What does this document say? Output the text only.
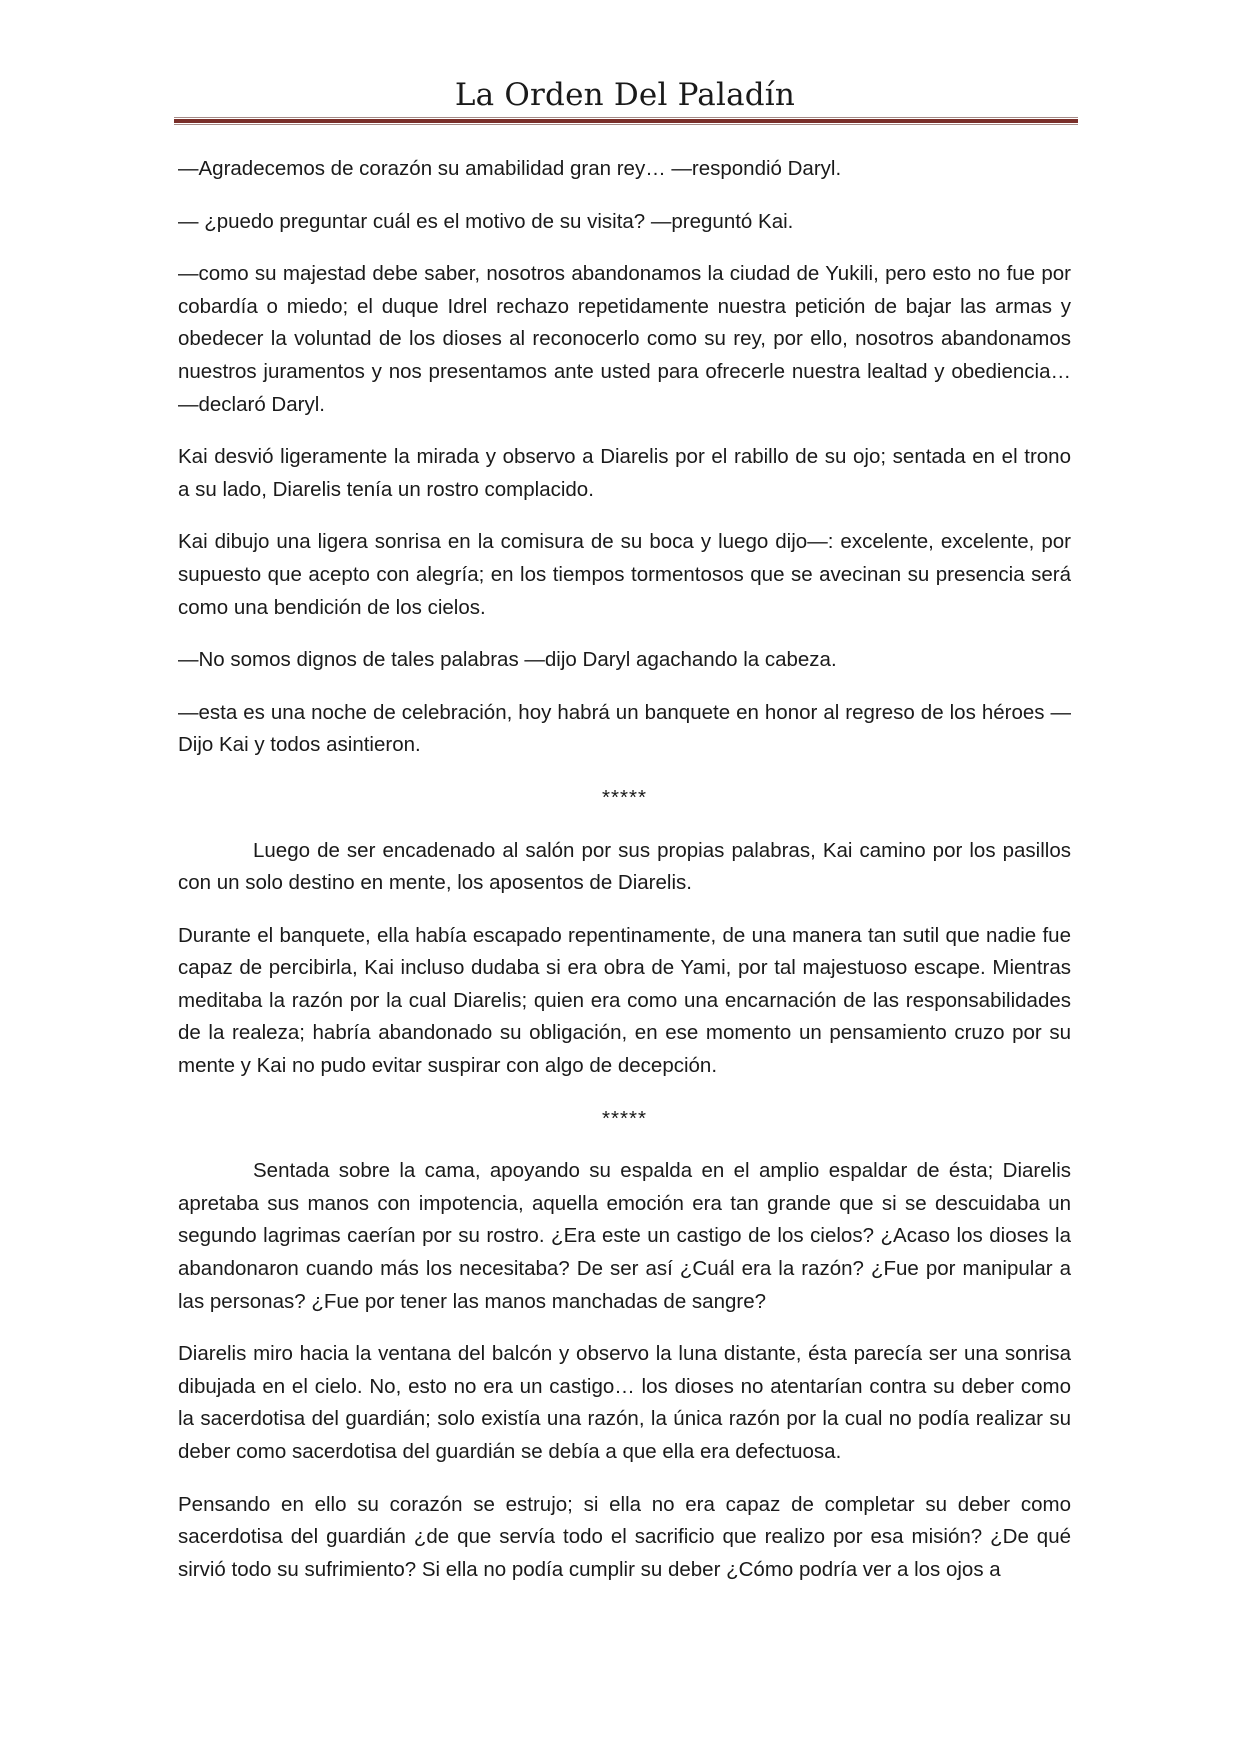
La Orden Del Paladín

—Agradecemos de corazón su amabilidad gran rey… —respondió Daryl.

— ¿puedo preguntar cuál es el motivo de su visita? —preguntó Kai.

—como su majestad debe saber, nosotros abandonamos la ciudad de Yukili, pero esto no fue por cobardía o miedo; el duque Idrel rechazo repetidamente nuestra petición de bajar las armas y obedecer la voluntad de los dioses al reconocerlo como su rey, por ello, nosotros abandonamos nuestros juramentos y nos presentamos ante usted para ofrecerle nuestra lealtad y obediencia… —declaró Daryl.

Kai desvió ligeramente la mirada y observo a Diarelis por el rabillo de su ojo; sentada en el trono a su lado, Diarelis tenía un rostro complacido.

Kai dibujo una ligera sonrisa en la comisura de su boca y luego dijo—: excelente, excelente, por supuesto que acepto con alegría; en los tiempos tormentosos que se avecinan su presencia será como una bendición de los cielos.

—No somos dignos de tales palabras —dijo Daryl agachando la cabeza.

—esta es una noche de celebración, hoy habrá un banquete en honor al regreso de los héroes —Dijo Kai y todos asintieron.

*****

Luego de ser encadenado al salón por sus propias palabras, Kai camino por los pasillos con un solo destino en mente, los aposentos de Diarelis.

Durante el banquete, ella había escapado repentinamente, de una manera tan sutil que nadie fue capaz de percibirla, Kai incluso dudaba si era obra de Yami, por tal majestuoso escape. Mientras meditaba la razón por la cual Diarelis; quien era como una encarnación de las responsabilidades de la realeza; habría abandonado su obligación, en ese momento un pensamiento cruzo por su mente y Kai no pudo evitar suspirar con algo de decepción.

*****

Sentada sobre la cama, apoyando su espalda en el amplio espaldar de ésta; Diarelis apretaba sus manos con impotencia, aquella emoción era tan grande que si se descuidaba un segundo lagrimas caerían por su rostro. ¿Era este un castigo de los cielos? ¿Acaso los dioses la abandonaron cuando más los necesitaba? De ser así ¿Cuál era la razón? ¿Fue por manipular a las personas? ¿Fue por tener las manos manchadas de sangre?

Diarelis miro hacia la ventana del balcón y observo la luna distante, ésta parecía ser una sonrisa dibujada en el cielo. No, esto no era un castigo… los dioses no atentarían contra su deber como la sacerdotisa del guardián; solo existía una razón, la única razón por la cual no podía realizar su deber como sacerdotisa del guardián se debía a que ella era defectuosa.

Pensando en ello su corazón se estrujo; si ella no era capaz de completar su deber como sacerdotisa del guardián ¿de que servía todo el sacrificio que realizo por esa misión? ¿De qué sirvió todo su sufrimiento? Si ella no podía cumplir su deber ¿Cómo podría ver a los ojos a
